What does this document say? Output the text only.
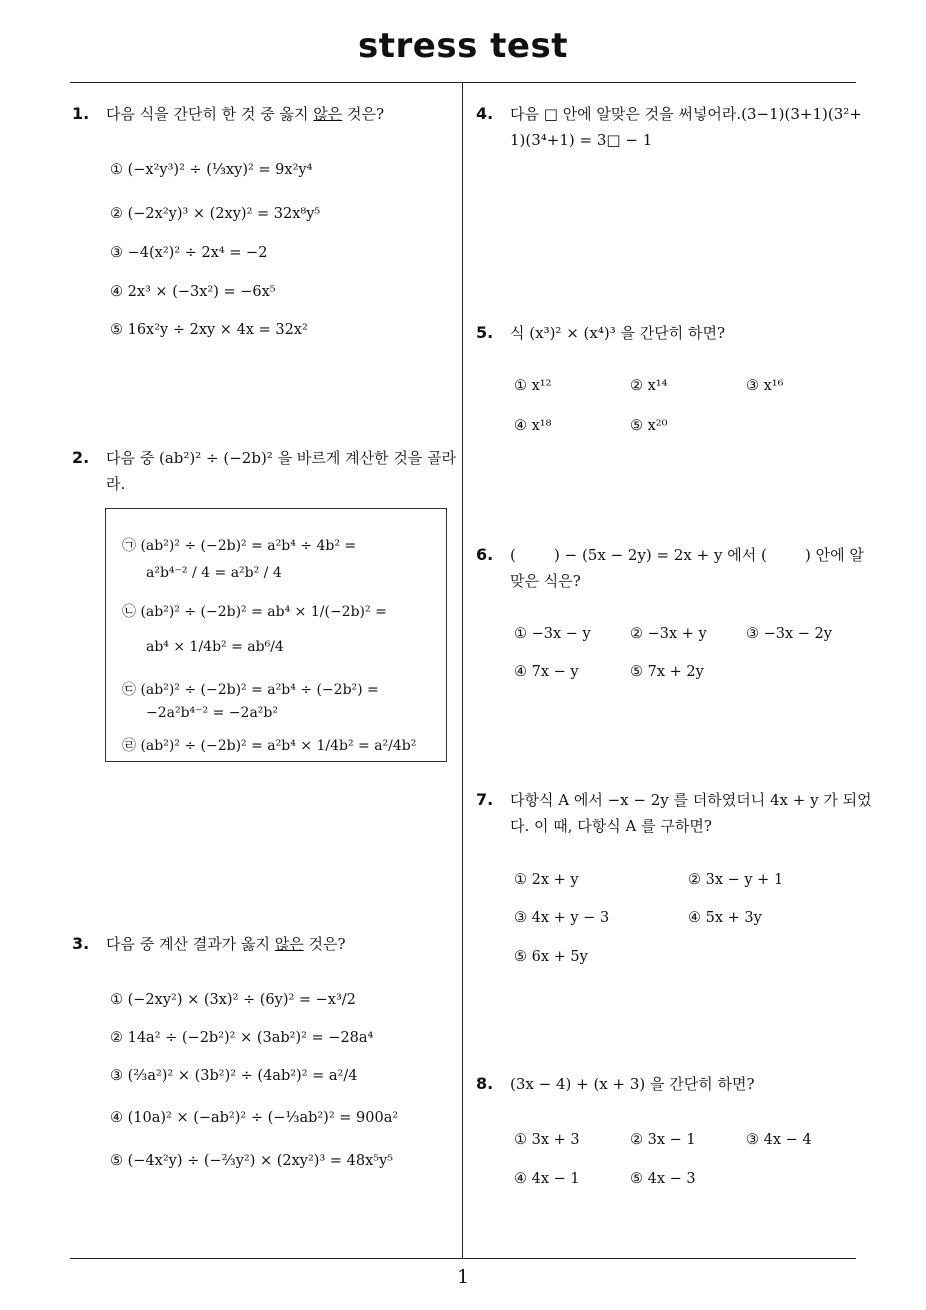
stress test
1
1. 다음 식을 간단히 한 것 중 옳지 않은 것은?
① (−x²y³)² ÷ (⅓xy)² = 9x²y⁴
② (−2x²y)³ × (2xy)² = 32x⁸y⁵
③ −4(x²)² ÷ 2x⁴ = −2
④ 2x³ × (−3x²) = −6x⁵
⑤ 16x²y ÷ 2xy × 4x = 32x²
2. 다음 중 (ab²)² ÷ (−2b)² 을 바르게 계산한 것을 골라
라.
㉠ (ab²)² ÷ (−2b)² = a²b⁴ ÷ 4b² =
a²b⁴⁻² / 4 = a²b² / 4
㉡ (ab²)² ÷ (−2b)² = ab⁴ × 1/(−2b)² =
ab⁴ × 1/4b² = ab⁶/4
㉢ (ab²)² ÷ (−2b)² = a²b⁴ ÷ (−2b²) =
−2a²b⁴⁻² = −2a²b²
㉣ (ab²)² ÷ (−2b)² = a²b⁴ × 1/4b² = a²/4b²
3. 다음 중 계산 결과가 옳지 않은 것은?
① (−2xy²) × (3x)² ÷ (6y)² = −x³/2
② 14a² ÷ (−2b²)² × (3ab²)² = −28a⁴
③ (⅔a²)² × (3b²)² ÷ (4ab²)² = a²/4
④ (10a)² × (−ab²)² ÷ (−⅓ab²)² = 900a²
⑤ (−4x²y) ÷ (−⅔y²) × (2xy²)³ = 48x⁵y⁵
4. 다음 □ 안에 알맞은 것을 써넣어라.(3−1)(3+1)(3²+
1)(3⁴+1) = 3□ − 1
5. 식 (x³)² × (x⁴)³ 을 간단히 하면?
① x¹²	② x¹⁴	③ x¹⁶
④ x¹⁸	⑤ x²⁰
6. (        ) − (5x − 2y) = 2x + y 에서 (        ) 안에 알
맞은 식은?
① −3x − y	② −3x + y	③ −3x − 2y
④ 7x − y	⑤ 7x + 2y
7. 다항식 A 에서 −x − 2y 를 더하였더니 4x + y 가 되었
다. 이 때, 다항식 A 를 구하면?
① 2x + y	② 3x − y + 1
③ 4x + y − 3	④ 5x + 3y
⑤ 6x + 5y
8. (3x − 4) + (x + 3) 을 간단히 하면?
① 3x + 3	② 3x − 1	③ 4x − 4
④ 4x − 1	⑤ 4x − 3
